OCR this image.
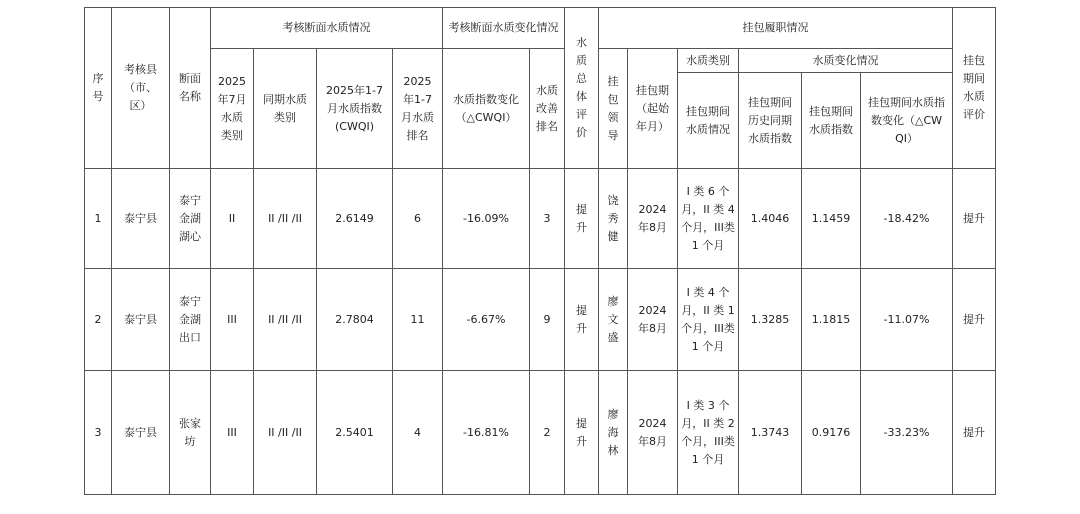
序号	考核县（市、区）	断面名称	考核断面水质情况				考核断面水质变化情况		水质总体评价	挂包履职情况						挂包期间水质评价
			2025年7月水质类别	同期水质类别	2025年1-7月水质指数(CWQI)	2025年1-7月水质排名	水质指数变化（△CWQI）	水质改善排名		挂包领导	挂包期（起始年月）	水质类别	水质变化情况			
												挂包期间水质情况	挂包期间历史同期水质指数	挂包期间水质指数	挂包期间水质指数变化（△CWQI）	
1	泰宁县	泰宁金湖湖心	II	II /II /II	2.6149	6	-16.09%	3	提升	饶秀健	2024年8月	I 类 6 个月，II 类 4 个月，III类 1 个月	1.4046	1.1459	-18.42%	提升
2	泰宁县	泰宁金湖出口	III	II /II /II	2.7804	11	-6.67%	9	提升	廖文盛	2024年8月	I 类 4 个月，II 类 1 个月，III类 1 个月	1.3285	1.1815	-11.07%	提升
3	泰宁县	张家坊	III	II /II /II	2.5401	4	-16.81%	2	提升	廖海林	2024年8月	I 类 3 个月，II 类 2 个月，III类 1 个月	1.3743	0.9176	-33.23%	提升
